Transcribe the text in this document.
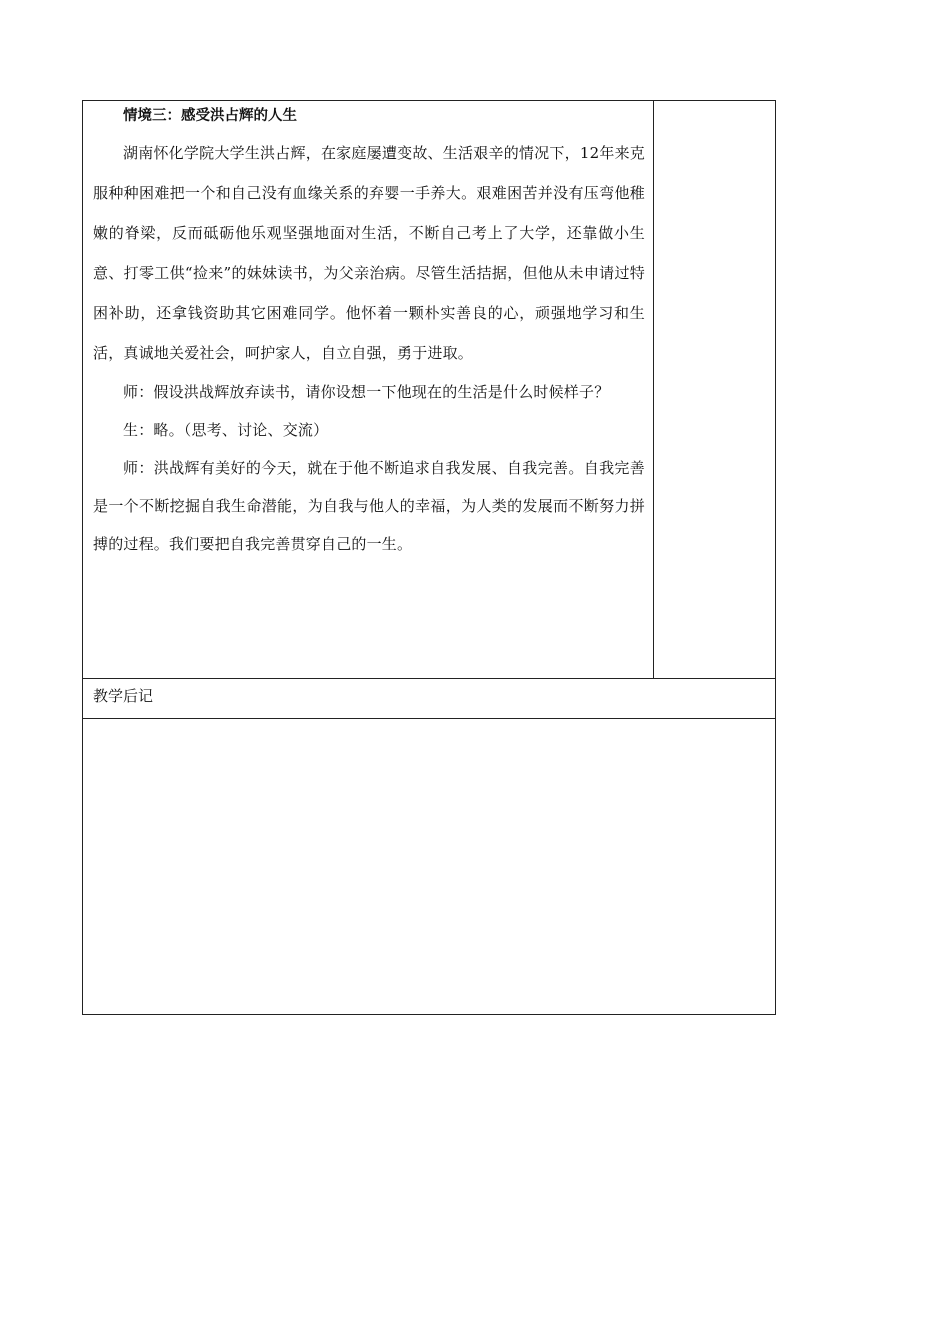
情境三：感受洪占辉的人生

湖南怀化学院大学生洪占辉，在家庭屡遭变故、生活艰辛的情况下，12年来克服种种困难把一个和自己没有血缘关系的弃婴一手养大。艰难困苦并没有压弯他稚嫩的脊梁，反而砥砺他乐观坚强地面对生活，不断自己考上了大学，还靠做小生意、打零工供“捡来”的妹妹读书，为父亲治病。尽管生活拮据，但他从未申请过特困补助，还拿钱资助其它困难同学。他怀着一颗朴实善良的心，顽强地学习和生活，真诚地关爱社会，呵护家人，自立自强，勇于进取。

师：假设洪战辉放弃读书，请你设想一下他现在的生活是什么时候样子？

生：略。（思考、讨论、交流）

师：洪战辉有美好的今天，就在于他不断追求自我发展、自我完善。自我完善是一个不断挖掘自我生命潜能，为自我与他人的幸福，为人类的发展而不断努力拼搏的过程。我们要把自我完善贯穿自己的一生。

教学后记
